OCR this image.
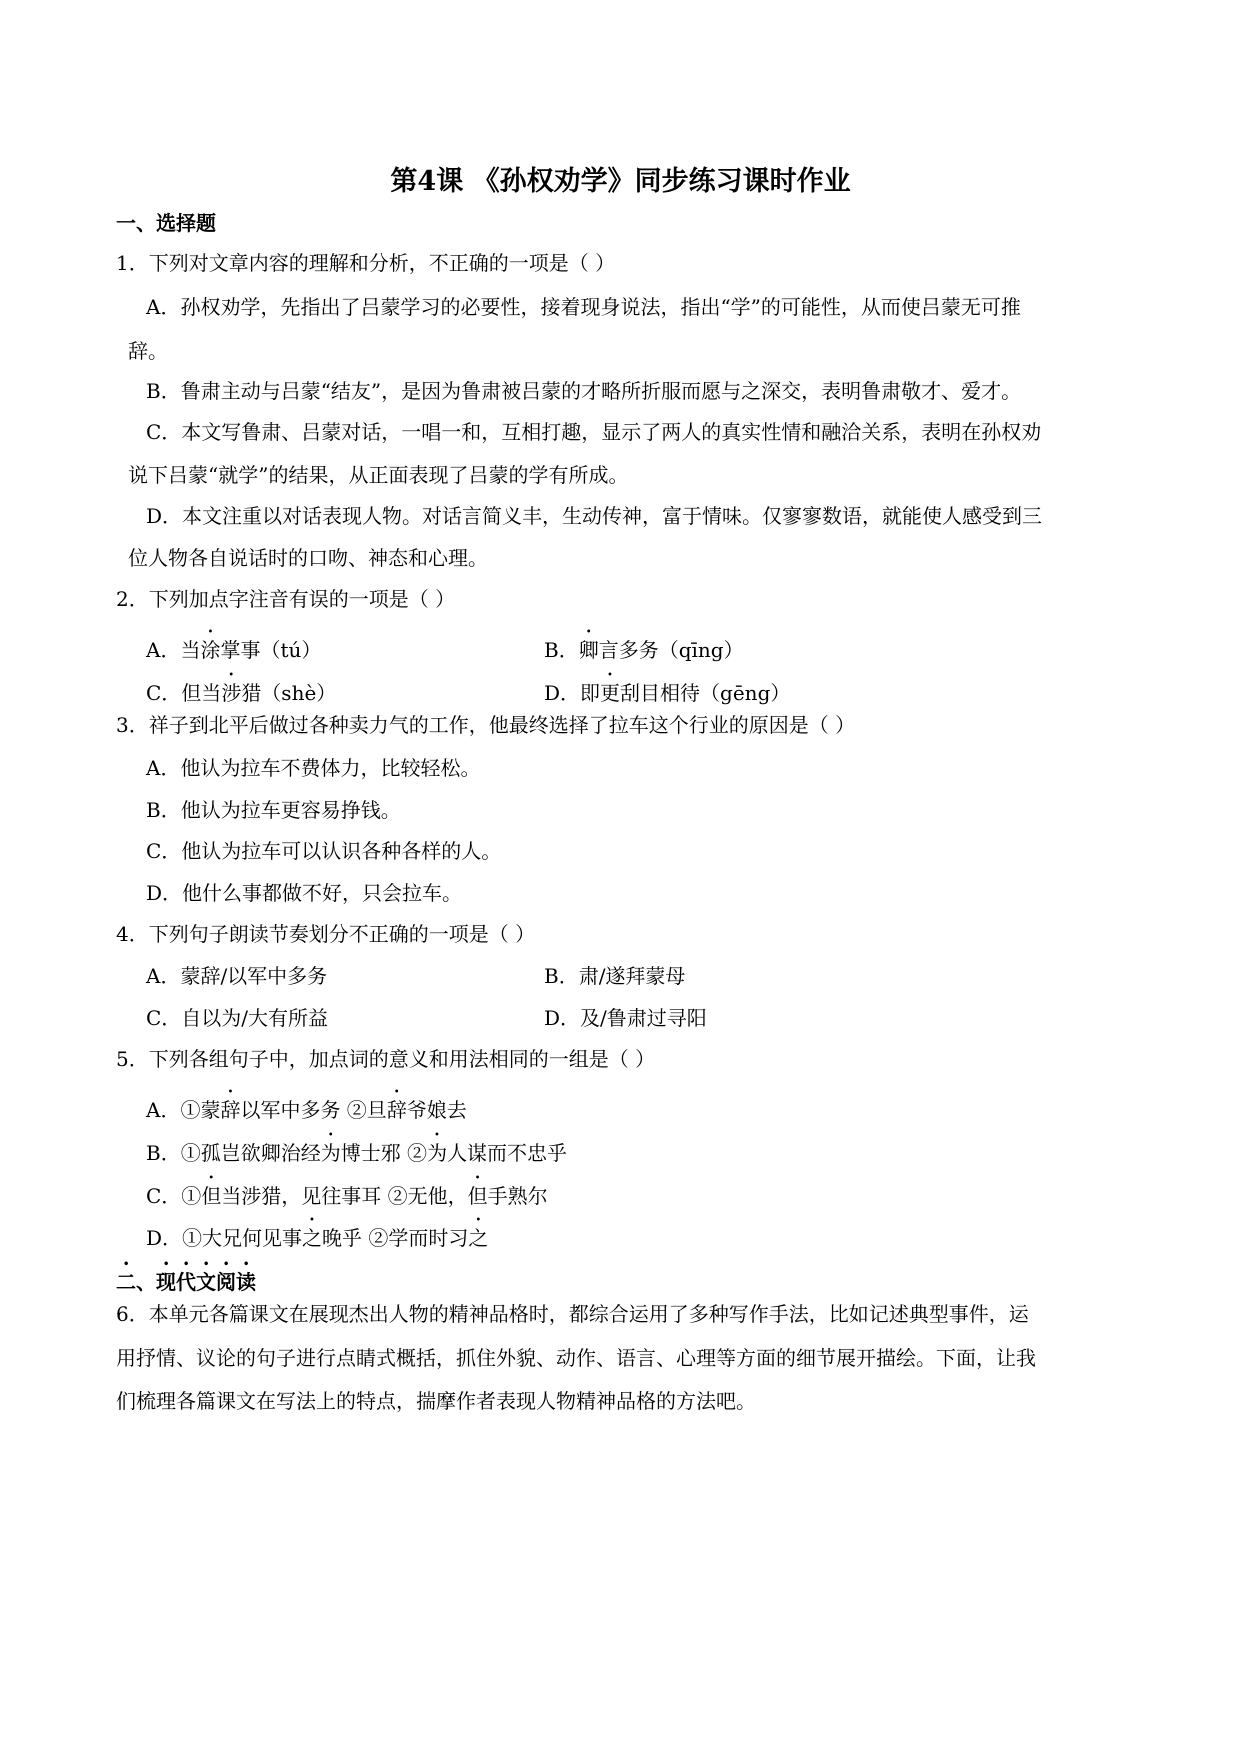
第4课 《孙权劝学》同步练习课时作业
一、选择题
1．下列对文章内容的理解和分析，不正确的一项是（ ）
A．孙权劝学，先指出了吕蒙学习的必要性，接着现身说法，指出“学”的可能性，从而使吕蒙无可推
辞。
B．鲁肃主动与吕蒙“结友”，是因为鲁肃被吕蒙的才略所折服而愿与之深交，表明鲁肃敬才、爱才。
C．本文写鲁肃、吕蒙对话，一唱一和，互相打趣，显示了两人的真实性情和融洽关系，表明在孙权劝
说下吕蒙“就学”的结果，从正面表现了吕蒙的学有所成。
D．本文注重以对话表现人物。对话言简义丰，生动传神，富于情味。仅寥寥数语，就能使人感受到三
位人物各自说话时的口吻、神态和心理。
2．下列加点字注音有误的一项是（ ）
A．当涂掌事（tú）	B．卿言多务（qīng）
C．但当涉猎（shè）	D．即更刮目相待（gēng）
3．祥子到北平后做过各种卖力气的工作，他最终选择了拉车这个行业的原因是（ ）
A．他认为拉车不费体力，比较轻松。
B．他认为拉车更容易挣钱。
C．他认为拉车可以认识各种各样的人。
D．他什么事都做不好，只会拉车。
4．下列句子朗读节奏划分不正确的一项是（ ）
A．蒙辞/以军中多务	B．肃/遂拜蒙母
C．自以为/大有所益	D．及/鲁肃过寻阳
5．下列各组句子中，加点词的意义和用法相同的一组是（ ）
A．①蒙辞以军中多务 ②旦辞爷娘去
B．①孤岂欲卿治经为博士邪 ②为人谋而不忠乎
C．①但当涉猎，见往事耳 ②无他，但手熟尔
D．①大兄何见事之晚乎 ②学而时习之
二、现代文阅读
6．本单元各篇课文在展现杰出人物的精神品格时，都综合运用了多种写作手法，比如记述典型事件，运
用抒情、议论的句子进行点睛式概括，抓住外貌、动作、语言、心理等方面的细节展开描绘。下面，让我
们梳理各篇课文在写法上的特点，揣摩作者表现人物精神品格的方法吧。
